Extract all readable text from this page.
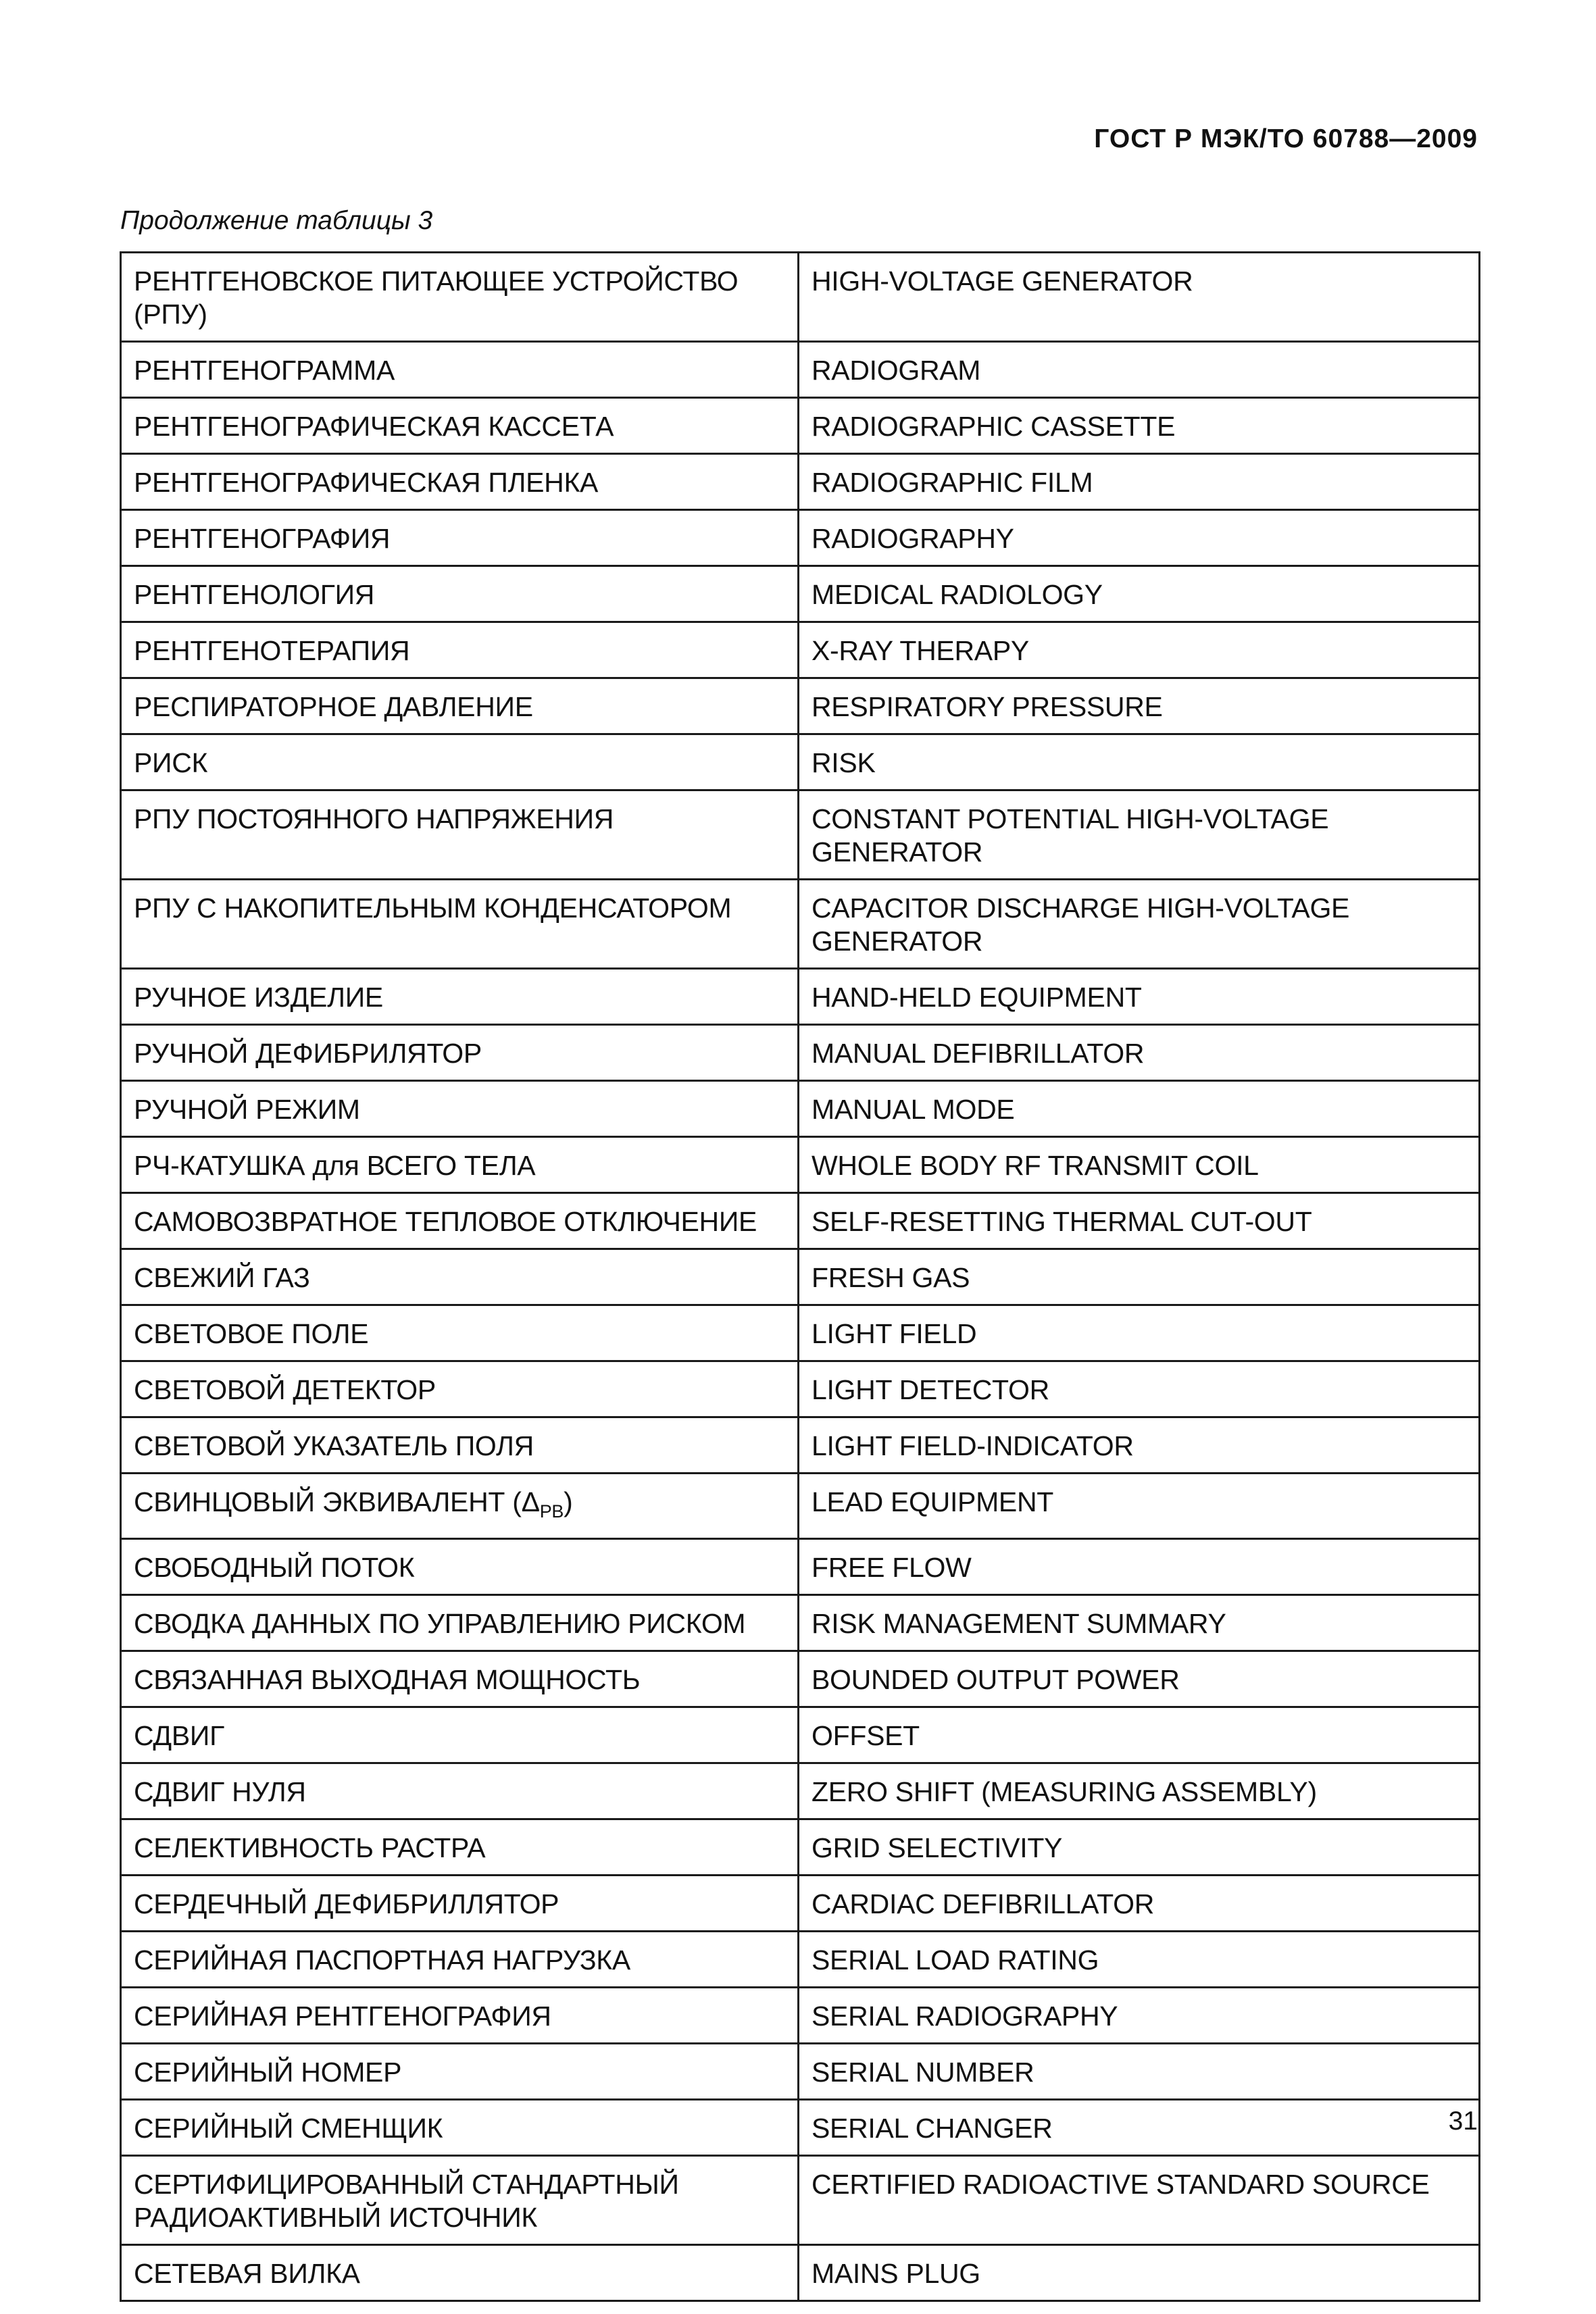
ГОСТ Р МЭК/ТО 60788—2009
Продолжение таблицы 3
РЕНТГЕНОВСКОЕ ПИТАЮЩЕЕ УСТРОЙСТВО (РПУ)	HIGH-VOLTAGE GENERATOR
РЕНТГЕНОГРАММА	RADIOGRAM
РЕНТГЕНОГРАФИЧЕСКАЯ КАССЕТА	RADIOGRAPHIC CASSETTE
РЕНТГЕНОГРАФИЧЕСКАЯ ПЛЕНКА	RADIOGRAPHIC FILM
РЕНТГЕНОГРАФИЯ	RADIOGRAPHY
РЕНТГЕНОЛОГИЯ	MEDICAL RADIOLOGY
РЕНТГЕНОТЕРАПИЯ	X-RAY THERAPY
РЕСПИРАТОРНОЕ ДАВЛЕНИЕ	RESPIRATORY PRESSURE
РИСК	RISK
РПУ ПОСТОЯННОГО НАПРЯЖЕНИЯ	CONSTANT POTENTIAL HIGH-VOLTAGE GENERATOR
РПУ С НАКОПИТЕЛЬНЫМ КОНДЕНСАТОРОМ	CAPACITOR DISCHARGE HIGH-VOLTAGE GENERATOR
РУЧНОЕ ИЗДЕЛИЕ	HAND-HELD EQUIPMENT
РУЧНОЙ ДЕФИБРИЛЯТОР	MANUAL DEFIBRILLATOR
РУЧНОЙ РЕЖИМ	MANUAL MODE
РЧ-КАТУШКА для ВСЕГО ТЕЛА	WHOLE BODY RF TRANSMIT COIL
САМОВОЗВРАТНОЕ ТЕПЛОВОЕ ОТКЛЮЧЕНИЕ	SELF-RESETTING THERMAL CUT-OUT
СВЕЖИЙ ГАЗ	FRESH GAS
СВЕТОВОЕ ПОЛЕ	LIGHT FIELD
СВЕТОВОЙ ДЕТЕКТОР	LIGHT DETECTOR
СВЕТОВОЙ УКАЗАТЕЛЬ ПОЛЯ	LIGHT FIELD-INDICATOR
СВИНЦОВЫЙ ЭКВИВАЛЕНТ $(\Delta_{PB})$	LEAD EQUIPMENT
СВОБОДНЫЙ ПОТОК	FREE FLOW
СВОДКА ДАННЫХ ПО УПРАВЛЕНИЮ РИСКОМ	RISK MANAGEMENT SUMMARY
СВЯЗАННАЯ ВЫХОДНАЯ МОЩНОСТЬ	BOUNDED OUTPUT POWER
СДВИГ	OFFSET
СДВИГ НУЛЯ	ZERO SHIFT (MEASURING ASSEMBLY)
СЕЛЕКТИВНОСТЬ РАСТРА	GRID SELECTIVITY
СЕРДЕЧНЫЙ ДЕФИБРИЛЛЯТОР	CARDIAC DEFIBRILLATOR
СЕРИЙНАЯ ПАСПОРТНАЯ НАГРУЗКА	SERIAL LOAD RATING
СЕРИЙНАЯ РЕНТГЕНОГРАФИЯ	SERIAL RADIOGRAPHY
СЕРИЙНЫЙ НОМЕР	SERIAL NUMBER
СЕРИЙНЫЙ СМЕНЩИК	SERIAL CHANGER
СЕРТИФИЦИРОВАННЫЙ СТАНДАРТНЫЙ РАДИОАКТИВНЫЙ ИСТОЧНИК	CERTIFIED RADIOACTIVE STANDARD SOURCE
СЕТЕВАЯ ВИЛКА	MAINS PLUG
31
